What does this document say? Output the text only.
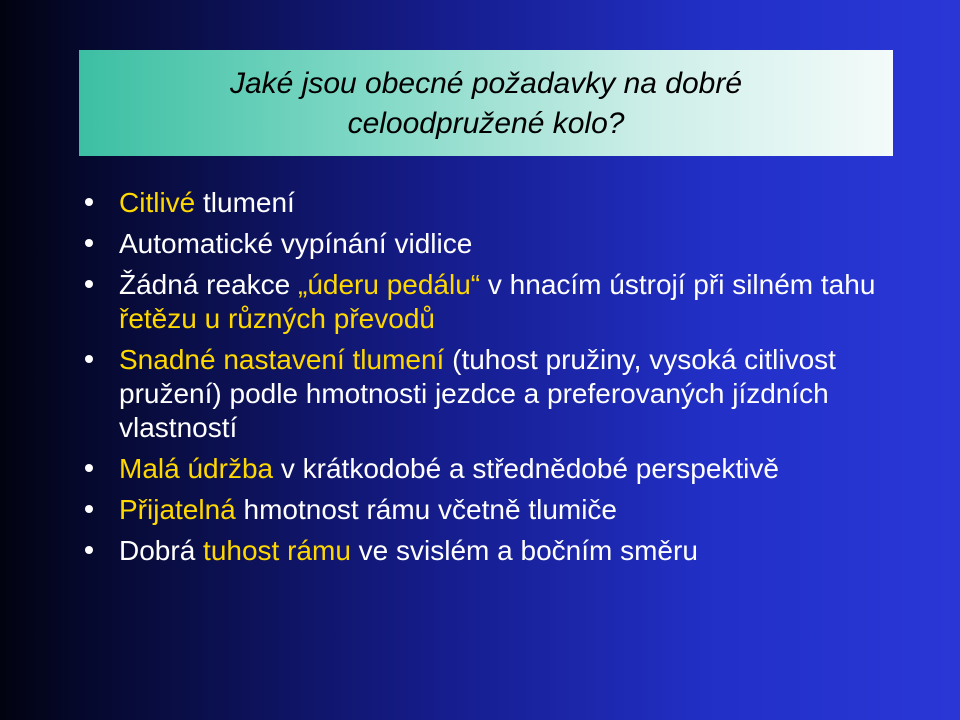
Jaké jsou obecné požadavky na dobré
celoodpružené kolo?
Citlivé tlumení
Automatické vypínání vidlice
Žádná reakce „úderu pedálu“ v hnacím ústrojí při silném tahu řetězu u různých převodů
Snadné nastavení tlumení (tuhost pružiny, vysoká citlivost pružení) podle hmotnosti jezdce a preferovaných jízdních vlastností
Malá údržba v krátkodobé a střednědobé perspektivě
Přijatelná hmotnost rámu včetně tlumiče
Dobrá tuhost rámu ve svislém a bočním směru
